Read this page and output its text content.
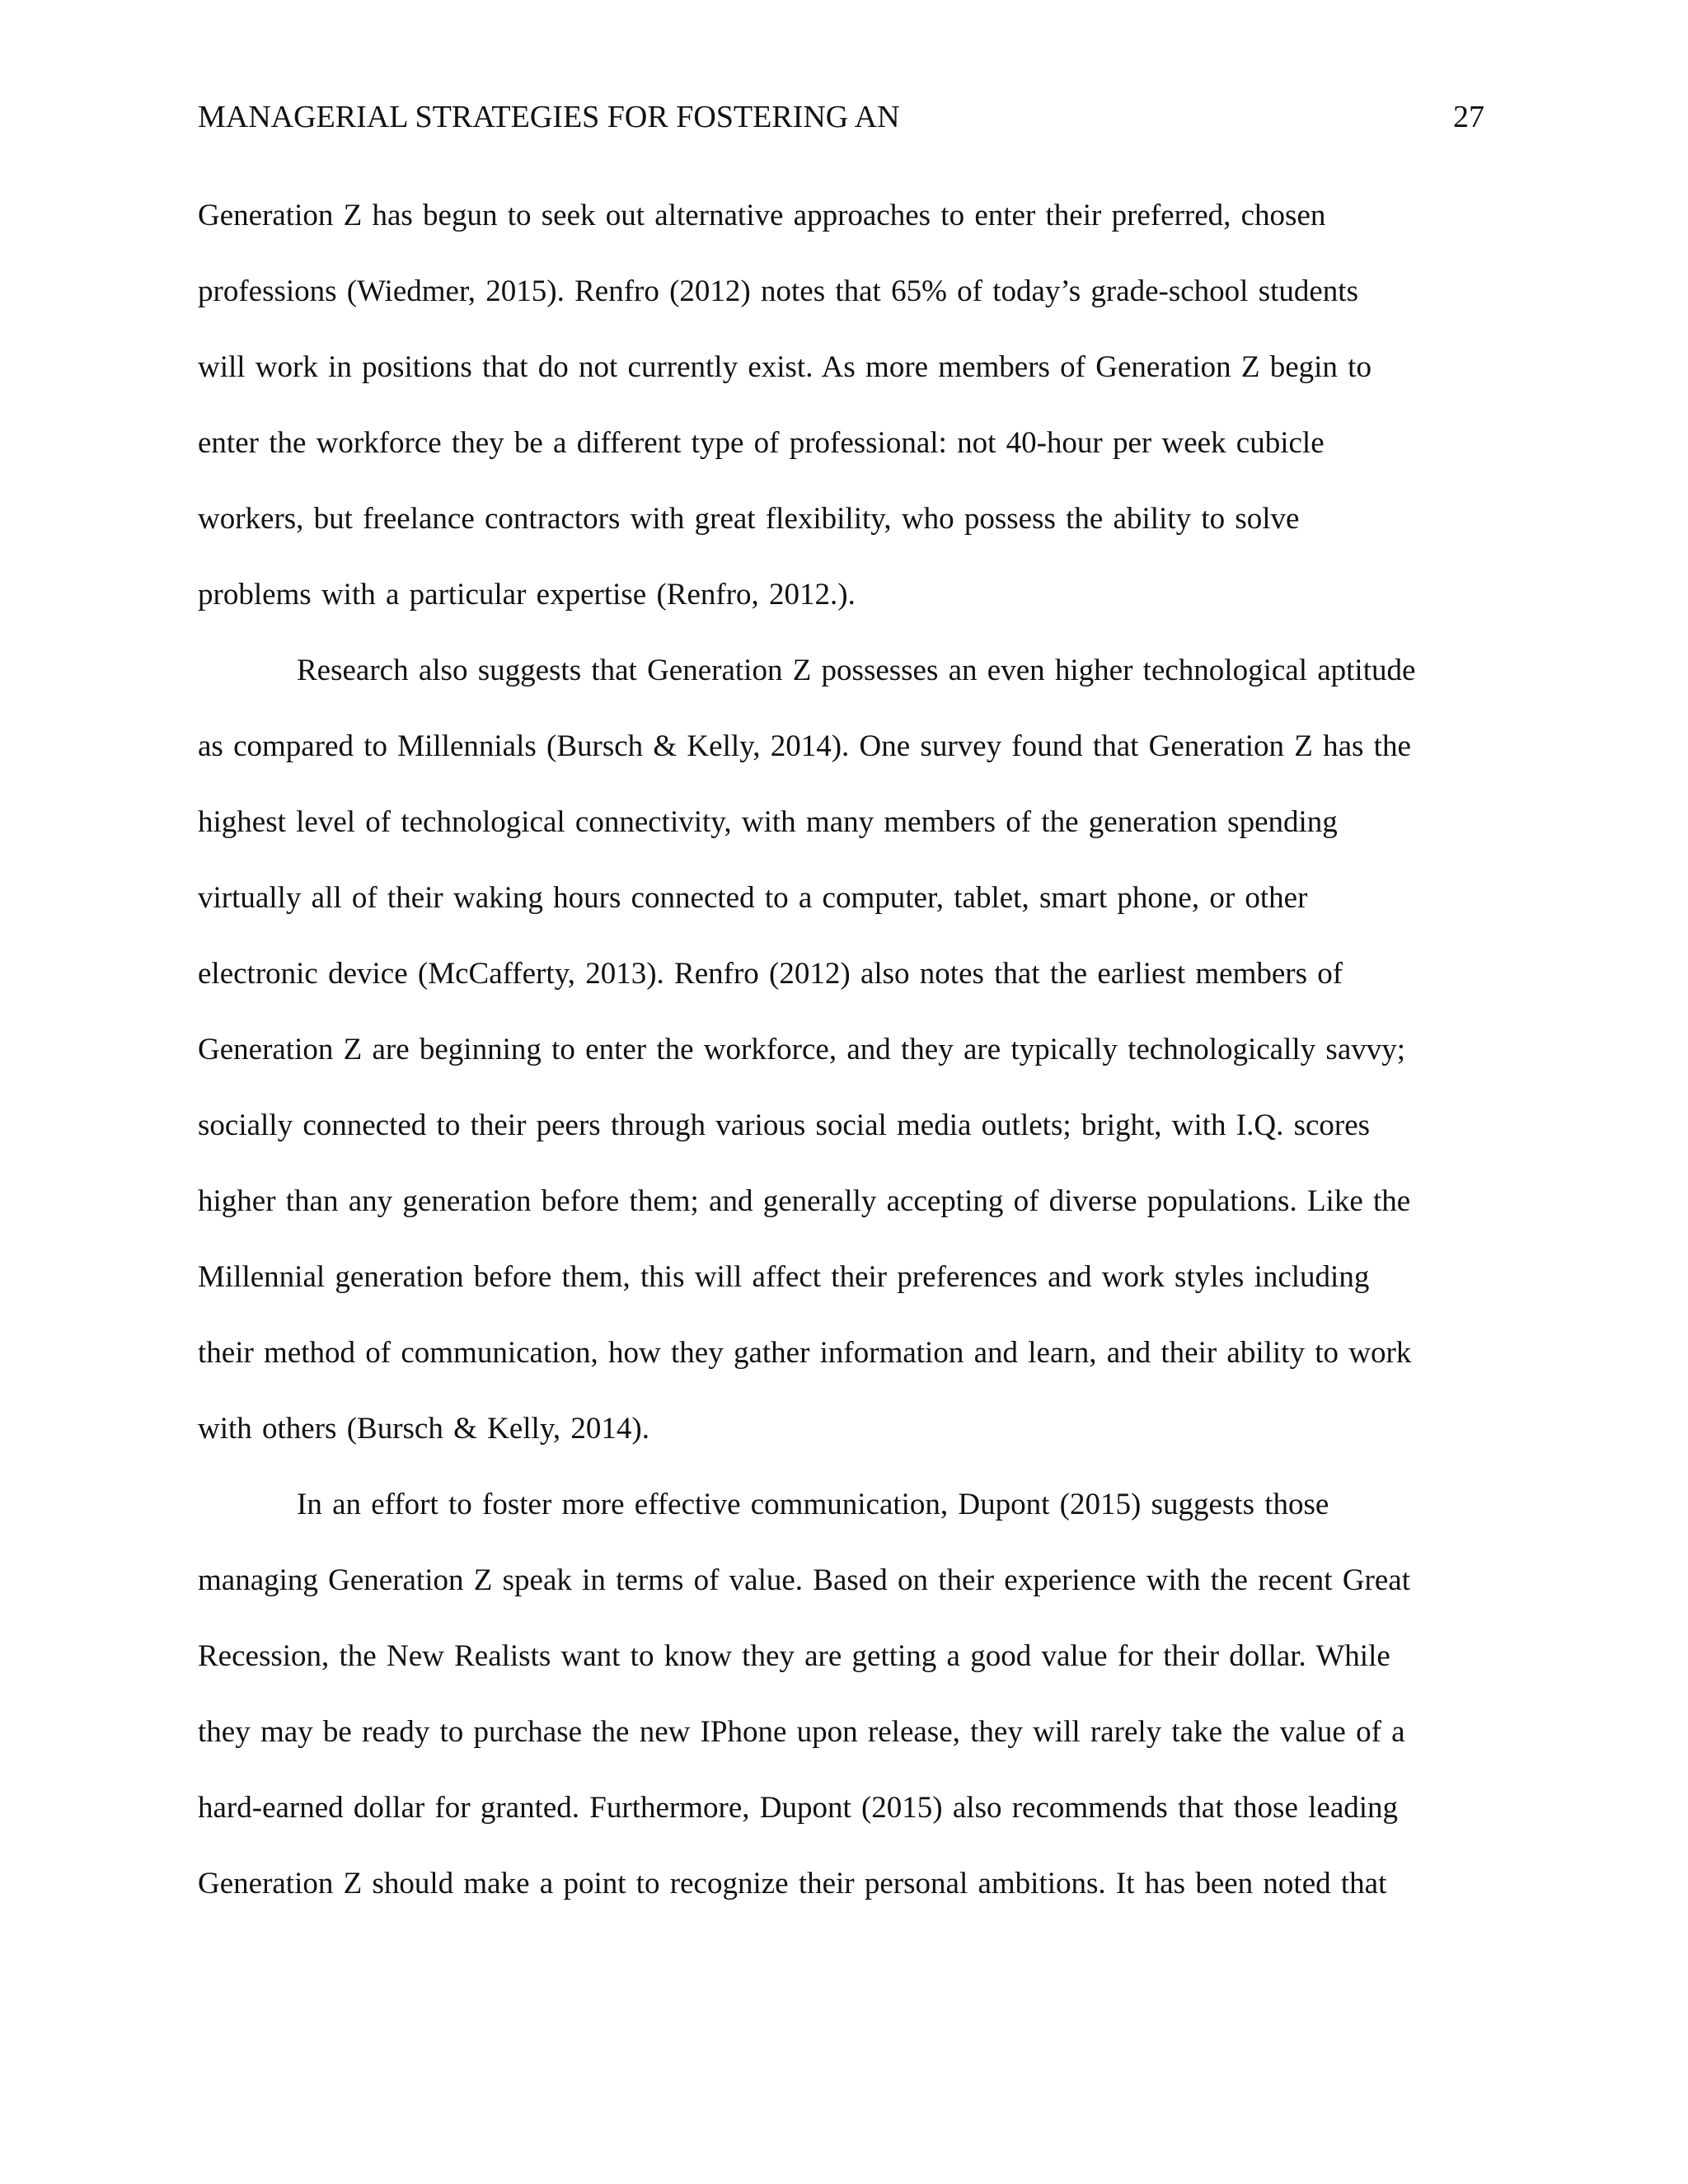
MANAGERIAL STRATEGIES FOR FOSTERING AN	27
Generation Z has begun to seek out alternative approaches to enter their preferred, chosen
professions (Wiedmer, 2015). Renfro (2012) notes that 65% of today’s grade-school students
will work in positions that do not currently exist. As more members of Generation Z begin to
enter the workforce they be a different type of professional: not 40-hour per week cubicle
workers, but freelance contractors with great flexibility, who possess the ability to solve
problems with a particular expertise (Renfro, 2012.).
Research also suggests that Generation Z possesses an even higher technological aptitude
as compared to Millennials (Bursch & Kelly, 2014). One survey found that Generation Z has the
highest level of technological connectivity, with many members of the generation spending
virtually all of their waking hours connected to a computer, tablet, smart phone, or other
electronic device (McCafferty, 2013). Renfro (2012) also notes that the earliest members of
Generation Z are beginning to enter the workforce, and they are typically technologically savvy;
socially connected to their peers through various social media outlets; bright, with I.Q. scores
higher than any generation before them; and generally accepting of diverse populations. Like the
Millennial generation before them, this will affect their preferences and work styles including
their method of communication, how they gather information and learn, and their ability to work
with others (Bursch & Kelly, 2014).
In an effort to foster more effective communication, Dupont (2015) suggests those
managing Generation Z speak in terms of value. Based on their experience with the recent Great
Recession, the New Realists want to know they are getting a good value for their dollar. While
they may be ready to purchase the new IPhone upon release, they will rarely take the value of a
hard-earned dollar for granted. Furthermore, Dupont (2015) also recommends that those leading
Generation Z should make a point to recognize their personal ambitions. It has been noted that
